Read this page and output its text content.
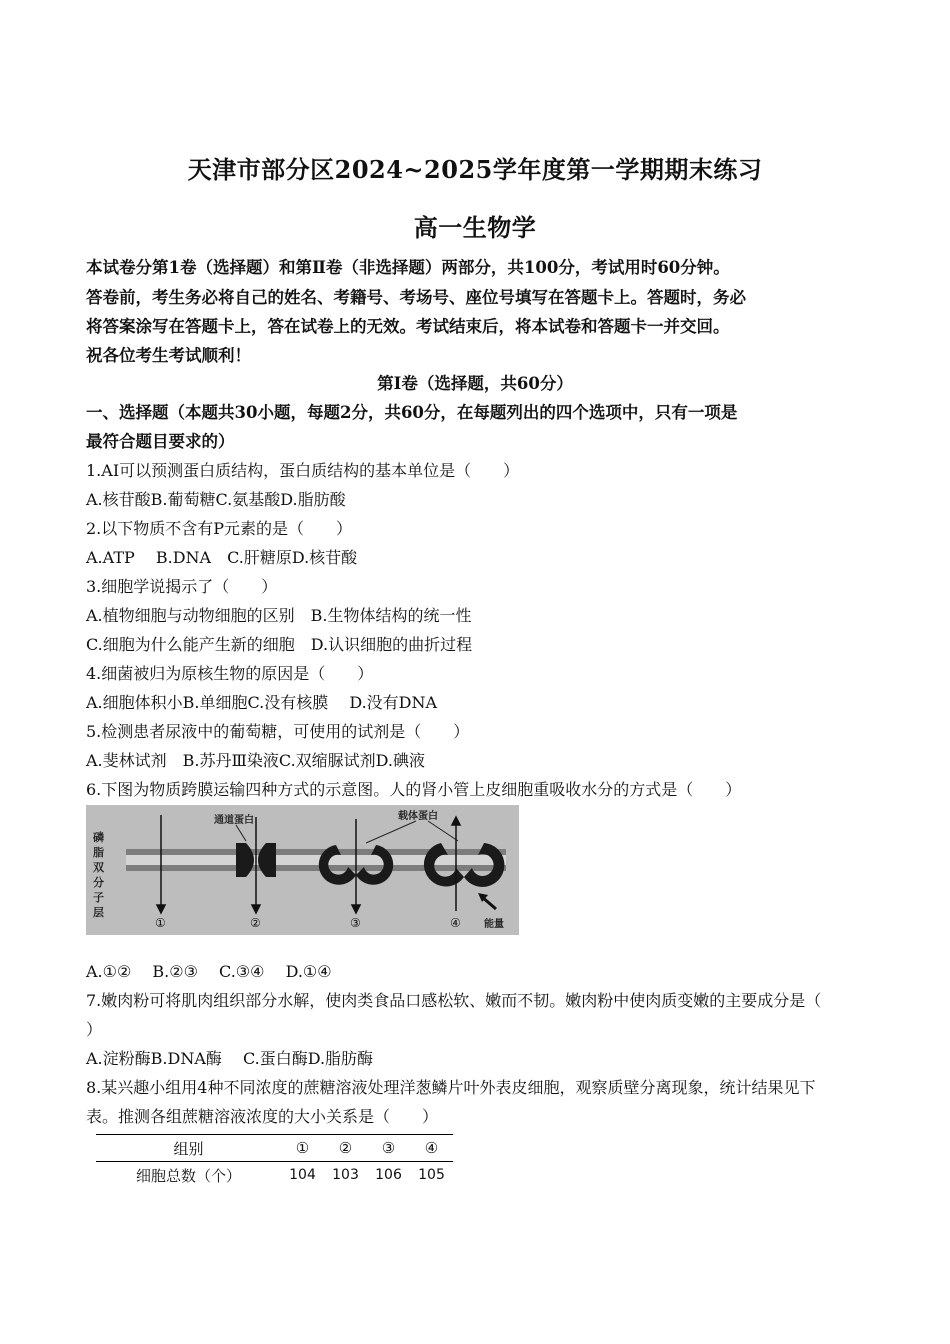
天津市部分区2024~2025学年度第一学期期末练习
高一生物学
本试卷分第1卷（选择题）和第Ⅱ卷（非选择题）两部分，共100分，考试用时60分钟。
答卷前，考生务必将自己的姓名、考籍号、考场号、座位号填写在答题卡上。答题时，务必
将答案涂写在答题卡上，答在试卷上的无效。考试结束后，将本试卷和答题卡一并交回。
祝各位考生考试顺利！
第Ⅰ卷（选择题，共60分）
一、选择题（本题共30小题，每题2分，共60分，在每题列出的四个选项中，只有一项是
最符合题目要求的）
1.AI可以预测蛋白质结构，蛋白质结构的基本单位是（　　）
A.核苷酸B.葡萄糖C.氨基酸D.脂肪酸
2.以下物质不含有P元素的是（　　）
A.ATP　 B.DNA　C.肝糖原D.核苷酸
3.细胞学说揭示了（　　）
A.植物细胞与动物细胞的区别　B.生物体结构的统一性
C.细胞为什么能产生新的细胞　D.认识细胞的曲折过程
4.细菌被归为原核生物的原因是（　　）
A.细胞体积小B.单细胞C.没有核膜　 D.没有DNA
5.检测患者尿液中的葡萄糖，可使用的试剂是（　　）
A.斐林试剂　B.苏丹Ⅲ染液C.双缩脲试剂D.碘液
6.下图为物质跨膜运输四种方式的示意图。人的肾小管上皮细胞重吸收水分的方式是（　　）
磷
脂
双
分
子
层
通道蛋白	载体蛋白
①	②	③	④ 能量
A.①②　 B.②③　 C.③④　 D.①④
7.嫩肉粉可将肌肉组织部分水解，使肉类食品口感松软、嫩而不韧。嫩肉粉中使肉质变嫩的主要成分是（
）
A.淀粉酶B.DNA酶　 C.蛋白酶D.脂肪酶
8.某兴趣小组用4种不同浓度的蔗糖溶液处理洋葱鳞片叶外表皮细胞，观察质壁分离现象，统计结果见下
表。推测各组蔗糖溶液浓度的大小关系是（　　）
组别	①	②	③	④
细胞总数（个）	104	103	106	105
